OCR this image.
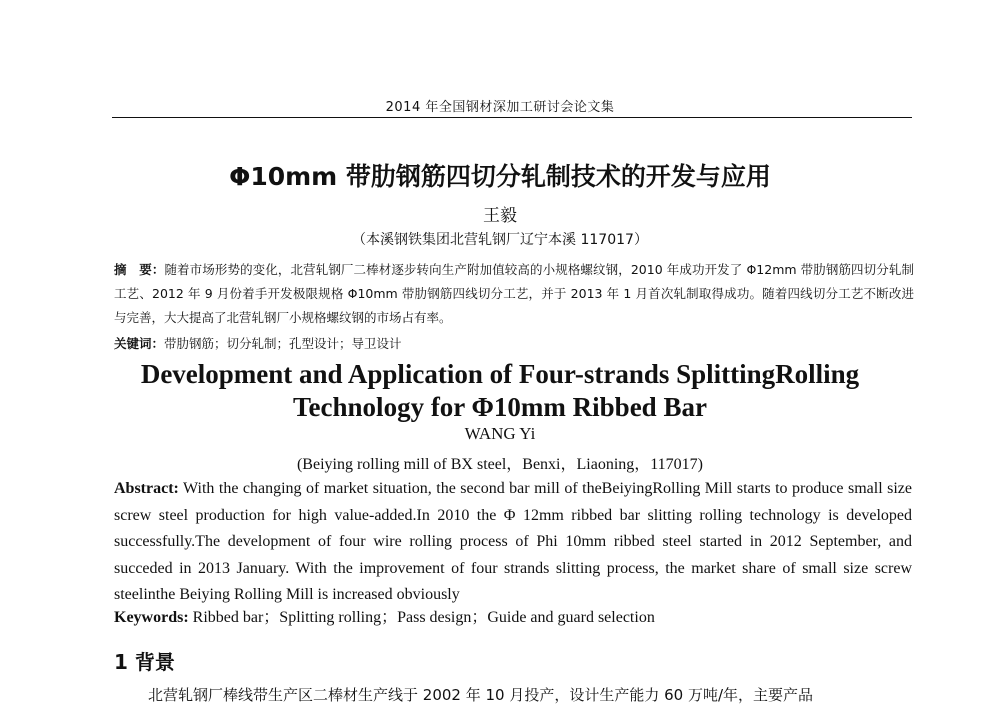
2014 年全国钢材深加工研讨会论文集
Φ10mm 带肋钢筋四切分轧制技术的开发与应用
王毅
（本溪钢铁集团北营轧钢厂辽宁本溪 117017）
摘　要：随着市场形势的变化，北营轧钢厂二棒材逐步转向生产附加值较高的小规格螺纹钢，2010 年成功开发了 Φ12mm 带肋钢筋四切分轧制工艺、2012 年 9 月份着手开发极限规格 Φ10mm 带肋钢筋四线切分工艺，并于 2013 年 1 月首次轧制取得成功。随着四线切分工艺不断改进与完善，大大提高了北营轧钢厂小规格螺纹钢的市场占有率。
关键词：带肋钢筋；切分轧制；孔型设计；导卫设计
Development and Application of Four-strands SplittingRolling
Technology for Φ10mm Ribbed Bar
WANG Yi
(Beiying rolling mill of BX steel，Benxi，Liaoning，117017)
Abstract: With the changing of market situation, the second bar mill of theBeiyingRolling Mill starts to produce small size screw steel production for high value-added.In 2010 the Φ 12mm ribbed bar slitting rolling technology is developed successfully.The development of four wire rolling process of Phi 10mm ribbed steel started in 2012 September, and succeded in 2013 January. With the improvement of four strands slitting process, the market share of small size screw steelinthe Beiying Rolling Mill is increased obviously
Keywords: Ribbed bar；Splitting rolling；Pass design；Guide and guard selection
1 背景
北营轧钢厂棒线带生产区二棒材生产线于 2002 年 10 月投产，设计生产能力 60 万吨/年，主要产品
